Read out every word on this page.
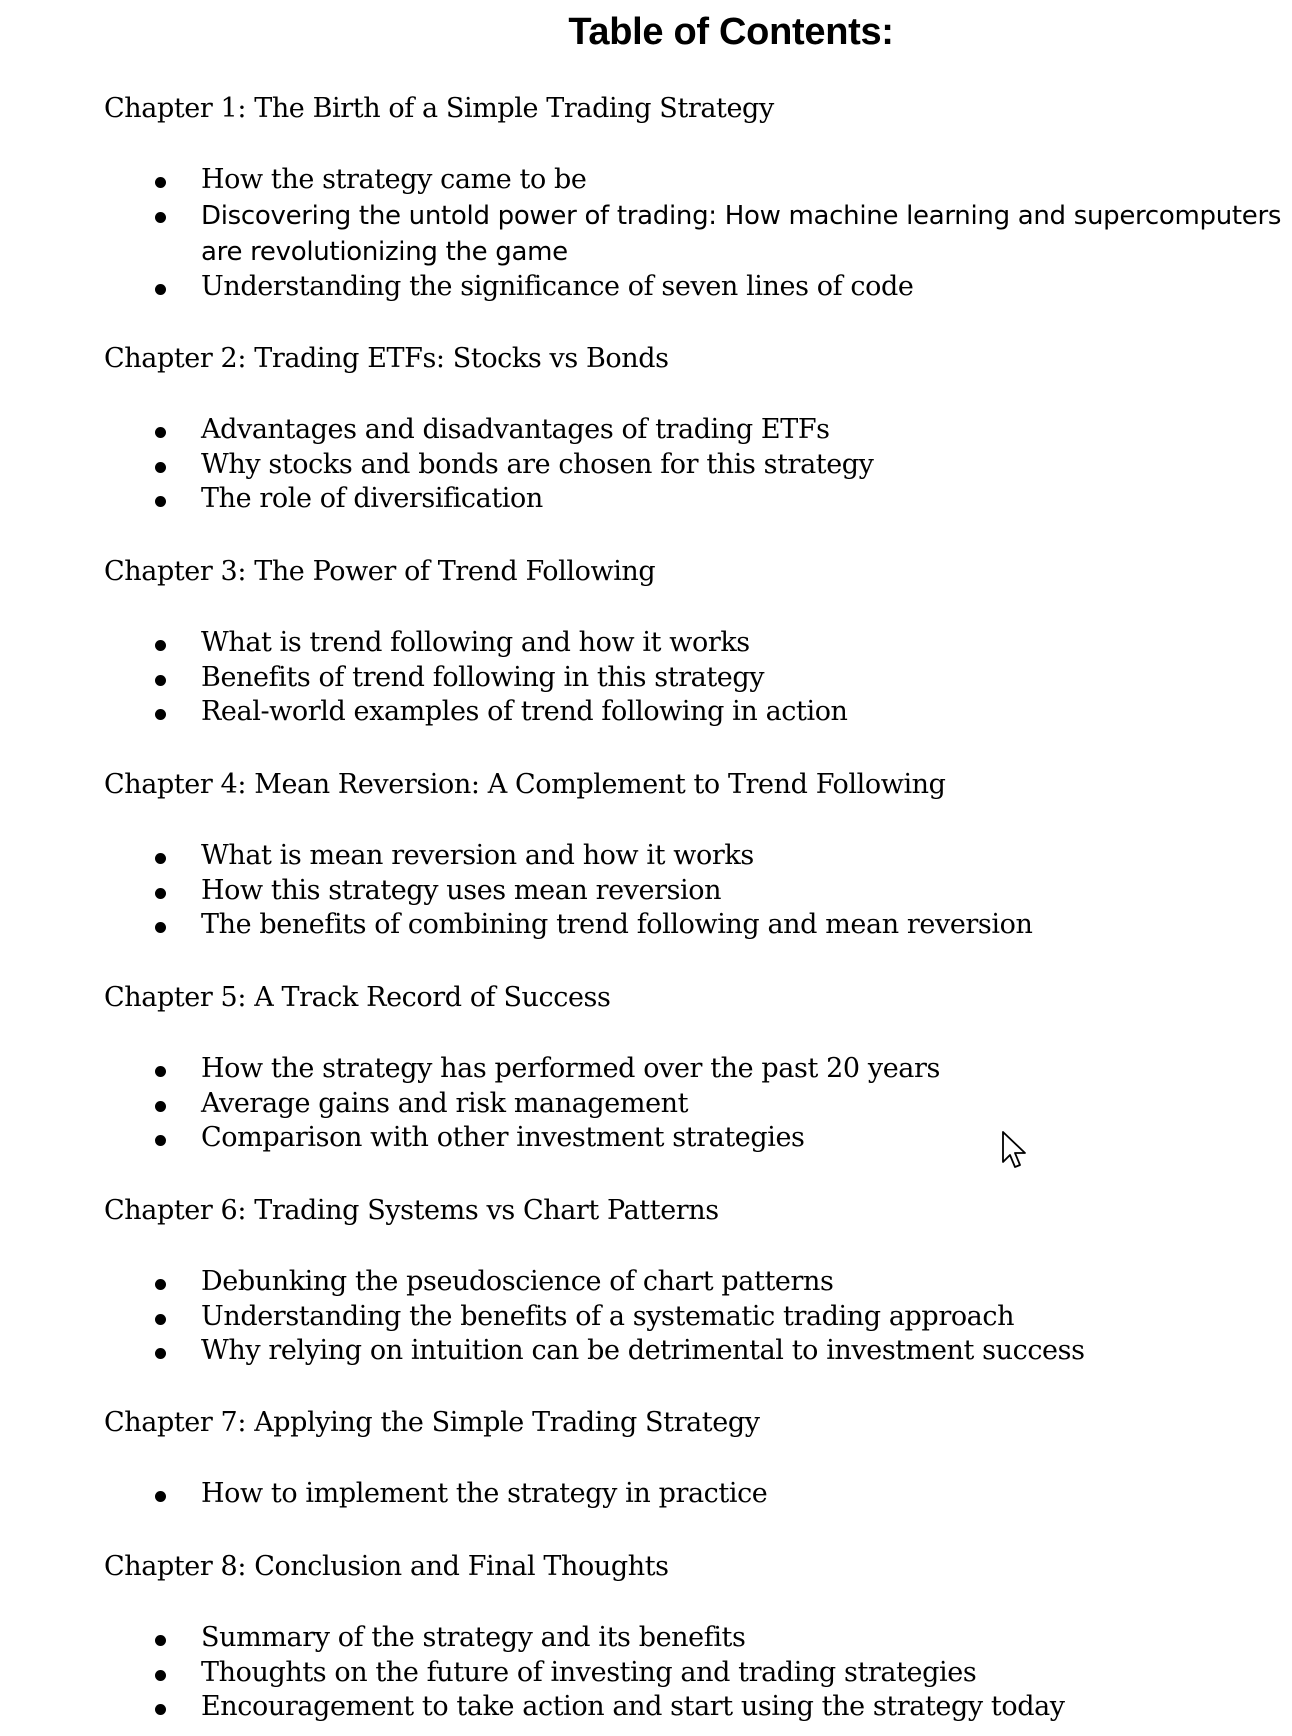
Table of Contents:

Chapter 1: The Birth of a Simple Trading Strategy

How the strategy came to be
Discovering the untold power of trading: How machine learning and supercomputers are revolutionizing the game
Understanding the significance of seven lines of code

Chapter 2: Trading ETFs: Stocks vs Bonds

Advantages and disadvantages of trading ETFs
Why stocks and bonds are chosen for this strategy
The role of diversification

Chapter 3: The Power of Trend Following

What is trend following and how it works
Benefits of trend following in this strategy
Real-world examples of trend following in action

Chapter 4: Mean Reversion: A Complement to Trend Following

What is mean reversion and how it works
How this strategy uses mean reversion
The benefits of combining trend following and mean reversion

Chapter 5: A Track Record of Success

How the strategy has performed over the past 20 years
Average gains and risk management
Comparison with other investment strategies

Chapter 6: Trading Systems vs Chart Patterns

Debunking the pseudoscience of chart patterns
Understanding the benefits of a systematic trading approach
Why relying on intuition can be detrimental to investment success

Chapter 7: Applying the Simple Trading Strategy

How to implement the strategy in practice

Chapter 8: Conclusion and Final Thoughts

Summary of the strategy and its benefits
Thoughts on the future of investing and trading strategies
Encouragement to take action and start using the strategy today
